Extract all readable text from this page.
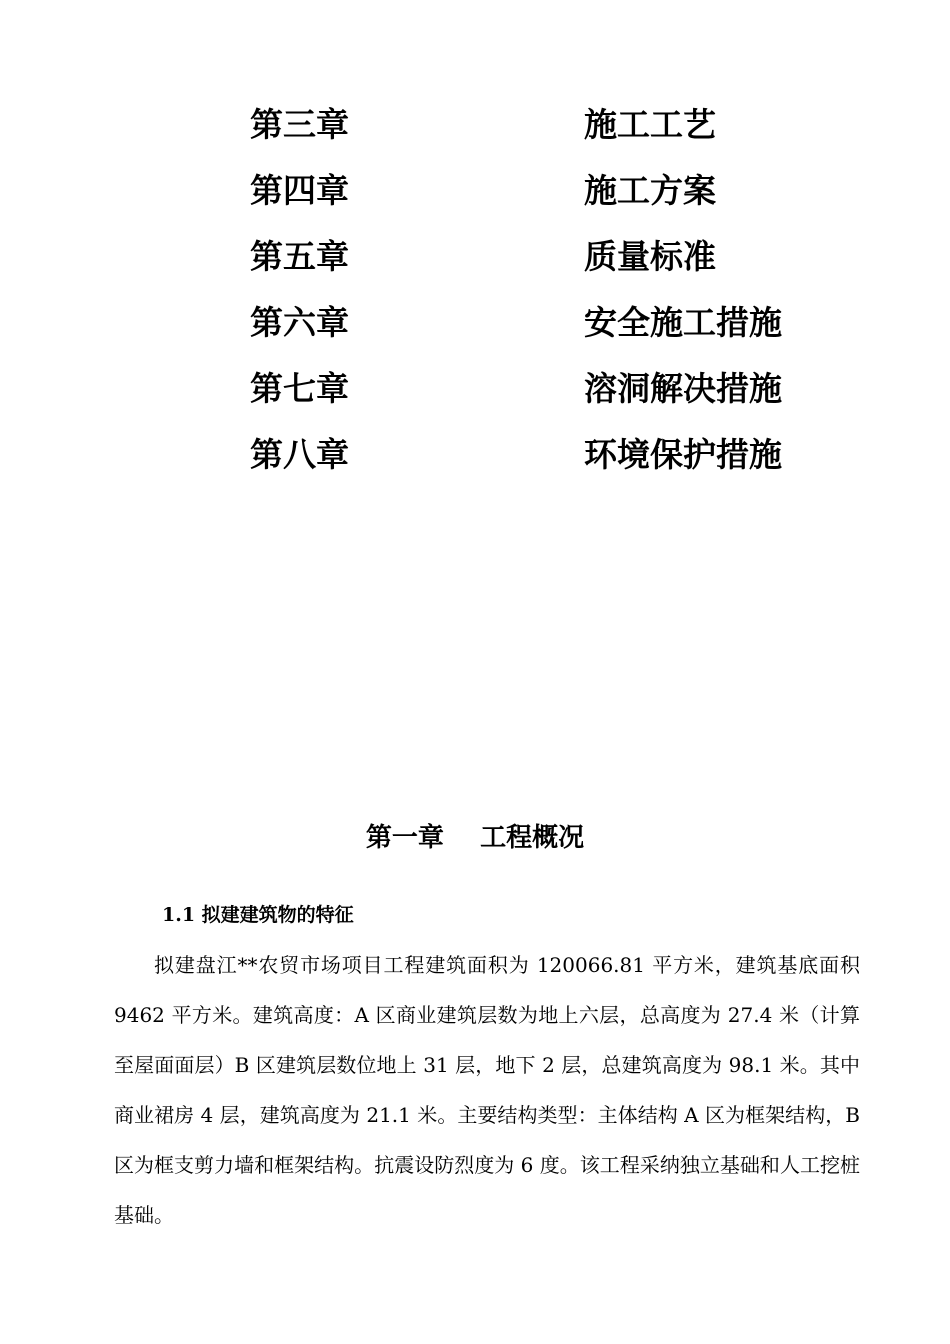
第三章	施工工艺
第四章	施工方案
第五章	质量标准
第六章	安全施工措施
第七章	溶洞解决措施
第八章	环境保护措施
第一章    工程概况
1.1 拟建建筑物的特征

拟建盘江**农贸市场项目工程建筑面积为 120066.81 平方米，建筑基底面积 9462 平方米。建筑高度：A 区商业建筑层数为地上六层，总高度为 27.4 米（计算至屋面面层）B 区建筑层数位地上 31 层，地下 2 层，总建筑高度为 98.1 米。其中商业裙房 4 层，建筑高度为 21.1 米。主要结构类型：主体结构 A 区为框架结构，B 区为框支剪力墙和框架结构。抗震设防烈度为 6 度。该工程采纳独立基础和人工挖桩基础。
